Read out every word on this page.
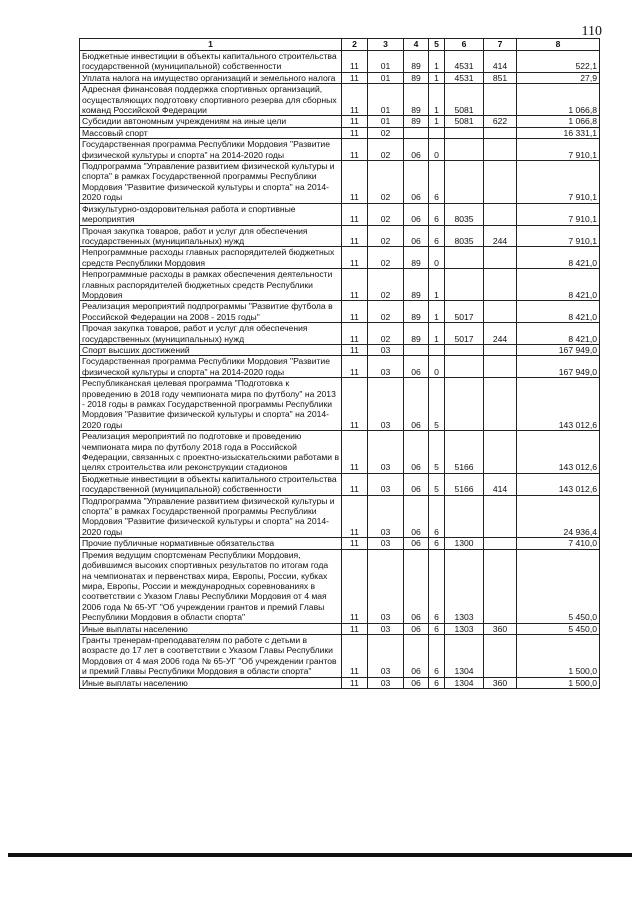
110
1	2	3	4	5	6	7	8
Бюджетные инвестиции в объекты капитального строительства государственной (муниципальной) собственности	11	01	89	1	4531	414	522,1
Уплата налога на имущество организаций и земельного налога	11	01	89	1	4531	851	27,9
Адресная финансовая поддержка спортивных организаций, осуществляющих подготовку спортивного резерва для сборных команд Российской Федерации	11	01	89	1	5081		1 066,8
Субсидии автономным учреждениям на иные цели	11	01	89	1	5081	622	1 066,8
Массовый спорт	11	02					16 331,1
Государственная программа Республики Мордовия "Развитие физической культуры и спорта" на 2014-2020 годы	11	02	06	0			7 910,1
Подпрограмма "Управление развитием физической культуры и спорта" в рамках Государственной программы Республики Мордовия "Развитие физической культуры и спорта" на 2014-2020 годы	11	02	06	6			7 910,1
Физкультурно-оздоровительная работа и спортивные мероприятия	11	02	06	6	8035		7 910,1
Прочая закупка товаров, работ и услуг для обеспечения государственных (муниципальных) нужд	11	02	06	6	8035	244	7 910,1
Непрограммные расходы главных распорядителей бюджетных средств Республики Мордовия	11	02	89	0			8 421,0
Непрограммные расходы в рамках обеспечения деятельности главных распорядителей бюджетных средств Республики Мордовия	11	02	89	1			8 421,0
Реализация мероприятий подпрограммы "Развитие футбола в Российской Федерации на 2008 - 2015 годы"	11	02	89	1	5017		8 421,0
Прочая закупка товаров, работ и услуг для обеспечения государственных (муниципальных) нужд	11	02	89	1	5017	244	8 421,0
Спорт высших достижений	11	03					167 949,0
Государственная программа Республики Мордовия "Развитие физической культуры и спорта" на 2014-2020 годы	11	03	06	0			167 949,0
Республиканская целевая программа "Подготовка к проведению в 2018 году чемпионата мира по футболу" на 2013 - 2018 годы в рамках Государственной программы Республики Мордовия "Развитие физической культуры и спорта" на 2014-2020 годы	11	03	06	5			143 012,6
Реализация мероприятий по подготовке и проведению чемпионата мира по футболу 2018 года в Российской Федерации, связанных с проектно-изыскательскими работами в целях строительства или реконструкции стадионов	11	03	06	5	5166		143 012,6
Бюджетные инвестиции в объекты капитального строительства государственной (муниципальной) собственности	11	03	06	5	5166	414	143 012,6
Подпрограмма "Управление развитием физической культуры и спорта" в рамках Государственной программы Республики Мордовия "Развитие физической культуры и спорта" на 2014-2020 годы	11	03	06	6			24 936,4
Прочие публичные нормативные обязательства	11	03	06	6	1300		7 410,0
Премия ведущим спортсменам Республики Мордовия, добившимся высоких спортивных результатов по итогам года на чемпионатах и первенствах мира, Европы, России, кубках мира, Европы, России и международных соревнованиях в соответствии с Указом Главы Республики Мордовия от 4 мая 2006 года № 65-УГ "Об учреждении грантов и премий Главы Республики Мордовия в области спорта"	11	03	06	6	1303		5 450,0
Иные выплаты населению	11	03	06	6	1303	360	5 450,0
Гранты тренерам-преподавателям по работе с детьми в возрасте до 17 лет в соответствии с Указом Главы Республики Мордовия от 4 мая 2006 года № 65-УГ "Об учреждении грантов и премий Главы Республики Мордовия в области спорта"	11	03	06	6	1304		1 500,0
Иные выплаты населению	11	03	06	6	1304	360	1 500,0
